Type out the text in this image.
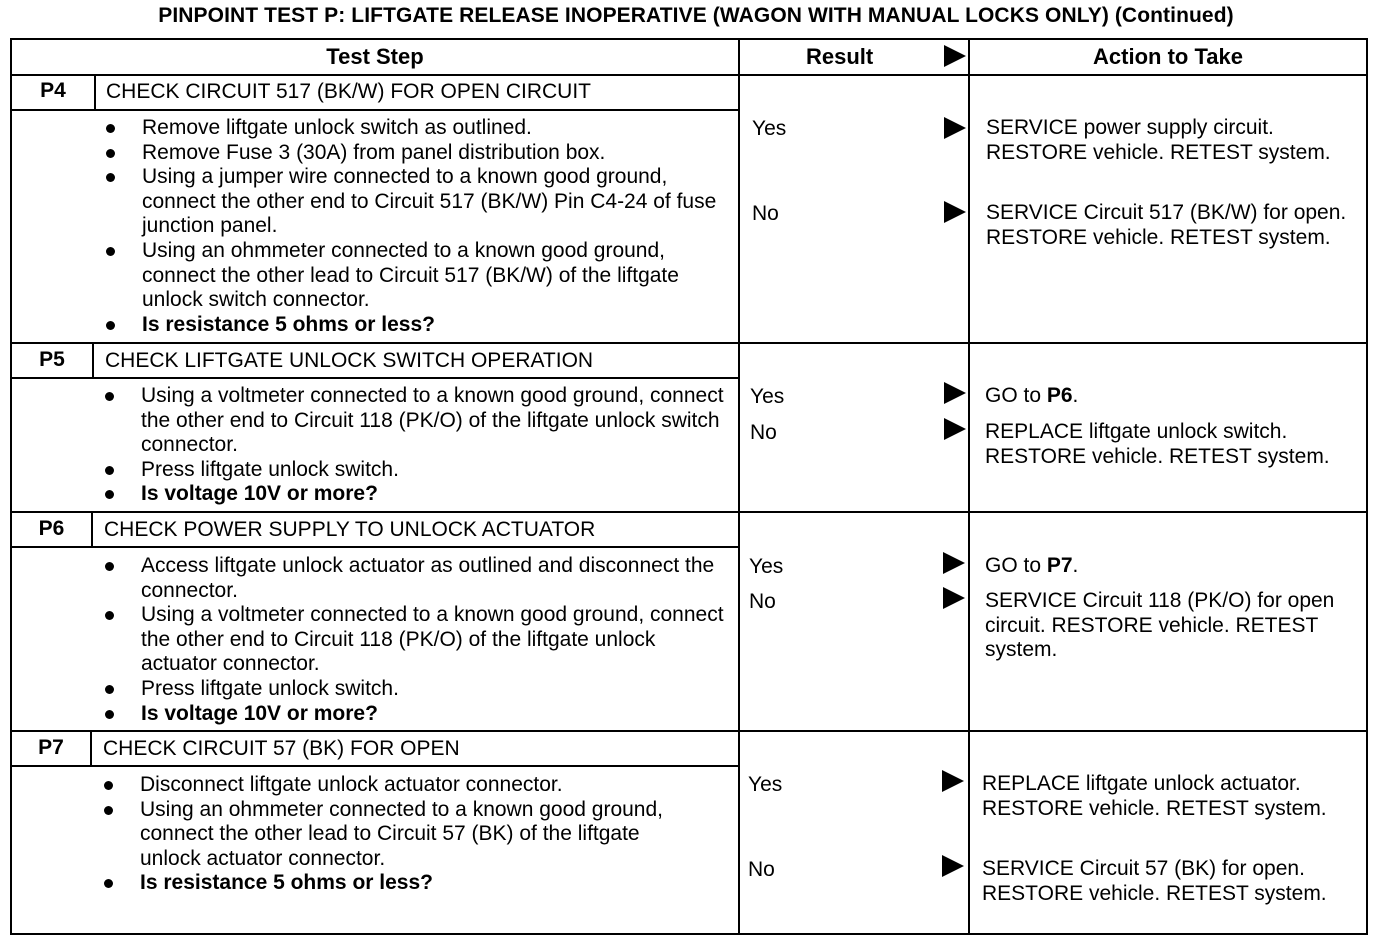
PINPOINT TEST P: LIFTGATE RELEASE INOPERATIVE (WAGON WITH MANUAL LOCKS ONLY) (Continued)
Test Step	Result	Action to Take
P4	CHECK CIRCUIT 517 (BK/W) FOR OPEN CIRCUIT
Remove liftgate unlock switch as outlined.
Remove Fuse 3 (30A) from panel distribution box.
Using a jumper wire connected to a known good ground, connect the other end to Circuit 517 (BK/W) Pin C4-24 of fuse junction panel.
Using an ohmmeter connected to a known good ground, connect the other lead to Circuit 517 (BK/W) of the liftgate unlock switch connector.
Is resistance 5 ohms or less?
Yes	SERVICE power supply circuit. RESTORE vehicle. RETEST system.
No	SERVICE Circuit 517 (BK/W) for open. RESTORE vehicle. RETEST system.
P5	CHECK LIFTGATE UNLOCK SWITCH OPERATION
Using a voltmeter connected to a known good ground, connect the other end to Circuit 118 (PK/O) of the liftgate unlock switch connector.
Press liftgate unlock switch.
Is voltage 10V or more?
Yes	GO to P6.
No	REPLACE liftgate unlock switch. RESTORE vehicle. RETEST system.
P6	CHECK POWER SUPPLY TO UNLOCK ACTUATOR
Access liftgate unlock actuator as outlined and disconnect the connector.
Using a voltmeter connected to a known good ground, connect the other end to Circuit 118 (PK/O) of the liftgate unlock actuator connector.
Press liftgate unlock switch.
Is voltage 10V or more?
Yes	GO to P7.
No	SERVICE Circuit 118 (PK/O) for open circuit. RESTORE vehicle. RETEST system.
P7	CHECK CIRCUIT 57 (BK) FOR OPEN
Disconnect liftgate unlock actuator connector.
Using an ohmmeter connected to a known good ground, connect the other lead to Circuit 57 (BK) of the liftgate unlock actuator connector.
Is resistance 5 ohms or less?
Yes	REPLACE liftgate unlock actuator. RESTORE vehicle. RETEST system.
No	SERVICE Circuit 57 (BK) for open. RESTORE vehicle. RETEST system.
